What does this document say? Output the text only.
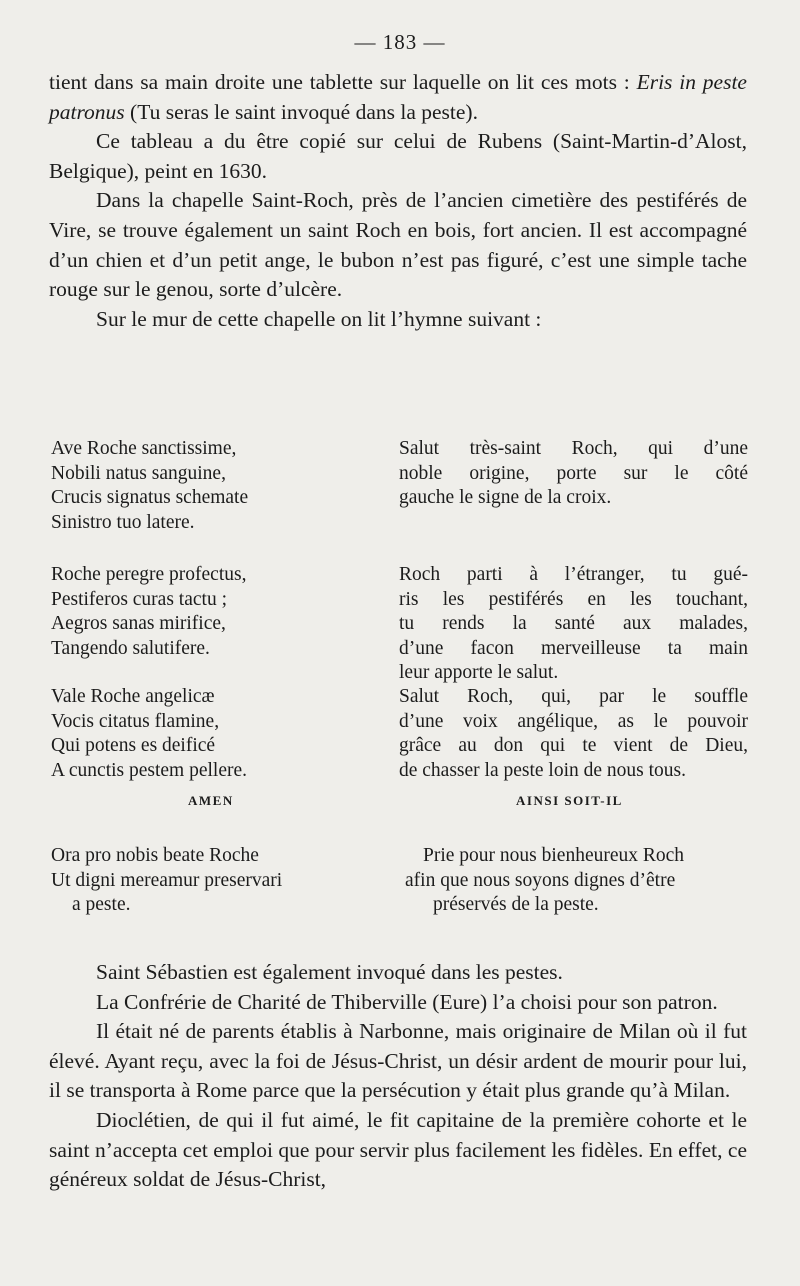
— 183 —

tient dans sa main droite une tablette sur laquelle on lit ces mots : Eris in peste patronus (Tu seras le saint invoqué dans la peste).

Ce tableau a du être copié sur celui de Rubens (Saint-Martin-d’Alost, Belgique), peint en 1630.

Dans la chapelle Saint-Roch, près de l’ancien cimetière des pestiférés de Vire, se trouve également un saint Roch en bois, fort ancien. Il est accompagné d’un chien et d’un petit ange, le bubon n’est pas figuré, c’est une simple tache rouge sur le genou, sorte d’ulcère.

Sur le mur de cette chapelle on lit l’hymne suivant :

Ave Roche sanctissime,
Nobili natus sanguine,
Crucis signatus schemate
Sinistro tuo latere.
Salut très-saint Roch, qui d’une
noble origine, porte sur le côté
gauche le signe de la croix.
Roche peregre profectus,
Pestiferos curas tactu ;
Aegros sanas mirifice,
Tangendo salutifere.
Roch parti à l’étranger, tu gué-
ris les pestiférés en les touchant,
tu rends la santé aux malades,
d’une facon merveilleuse ta main
leur apporte le salut.
Vale Roche angelicæ
Vocis citatus flamine,
Qui potens es deificé
A cunctis pestem pellere.
Salut Roch, qui, par le souffle
d’une voix angélique, as le pouvoir
grâce au don qui te vient de Dieu,
de chasser la peste loin de nous tous.
AMEN	AINSI SOIT-IL
Ora pro nobis beate Roche
Ut digni mereamur preservari
a peste.
Prie pour nous bienheureux Roch
afin que nous soyons dignes d’être
préservés de la peste.

Saint Sébastien est également invoqué dans les pestes.

La Confrérie de Charité de Thiberville (Eure) l’a choisi pour son patron.

Il était né de parents établis à Narbonne, mais originaire de Milan où il fut élevé. Ayant reçu, avec la foi de Jésus-Christ, un désir ardent de mourir pour lui, il se transporta à Rome parce que la persécution y était plus grande qu’à Milan.

Dioclétien, de qui il fut aimé, le fit capitaine de la première cohorte et le saint n’accepta cet emploi que pour servir plus facilement les fidèles. En effet, ce généreux soldat de Jésus-Christ,
